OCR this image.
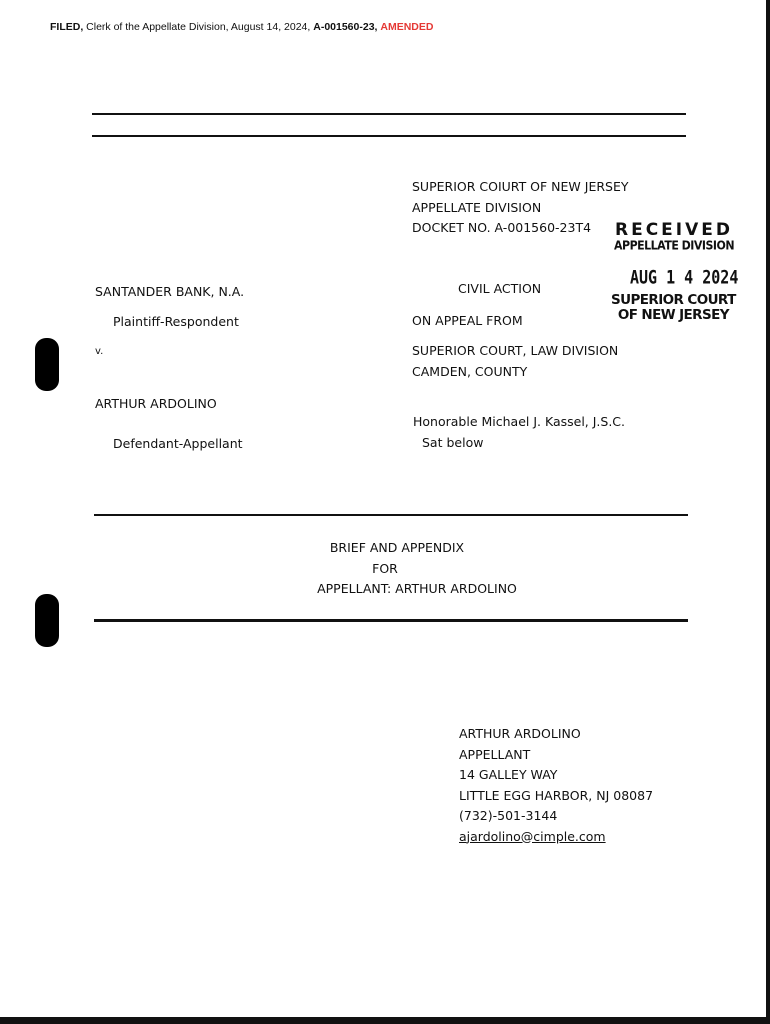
FILED, Clerk of the Appellate Division, August 14, 2024, A-001560-23, AMENDED
SUPERIOR COIURT OF NEW JERSEY
APPELLATE DIVISION
DOCKET NO. A-001560-23T4	RECEIVED
APPELLATE DIVISION
AUG 1 4 2024
SUPERIOR COURT
OF NEW JERSEY
SANTANDER BANK, N.A.
Plaintiff-Respondent
v.
ARTHUR ARDOLINO
Defendant-Appellant
CIVIL ACTION
ON APPEAL FROM
SUPERIOR COURT, LAW DIVISION
CAMDEN, COUNTY
Honorable Michael J. Kassel, J.S.C.
Sat below
BRIEF AND APPENDIX
FOR
APPELLANT: ARTHUR ARDOLINO
ARTHUR ARDOLINO
APPELLANT
14 GALLEY WAY
LITTLE EGG HARBOR, NJ 08087
(732)-501-3144
ajardolino@cimple.com
